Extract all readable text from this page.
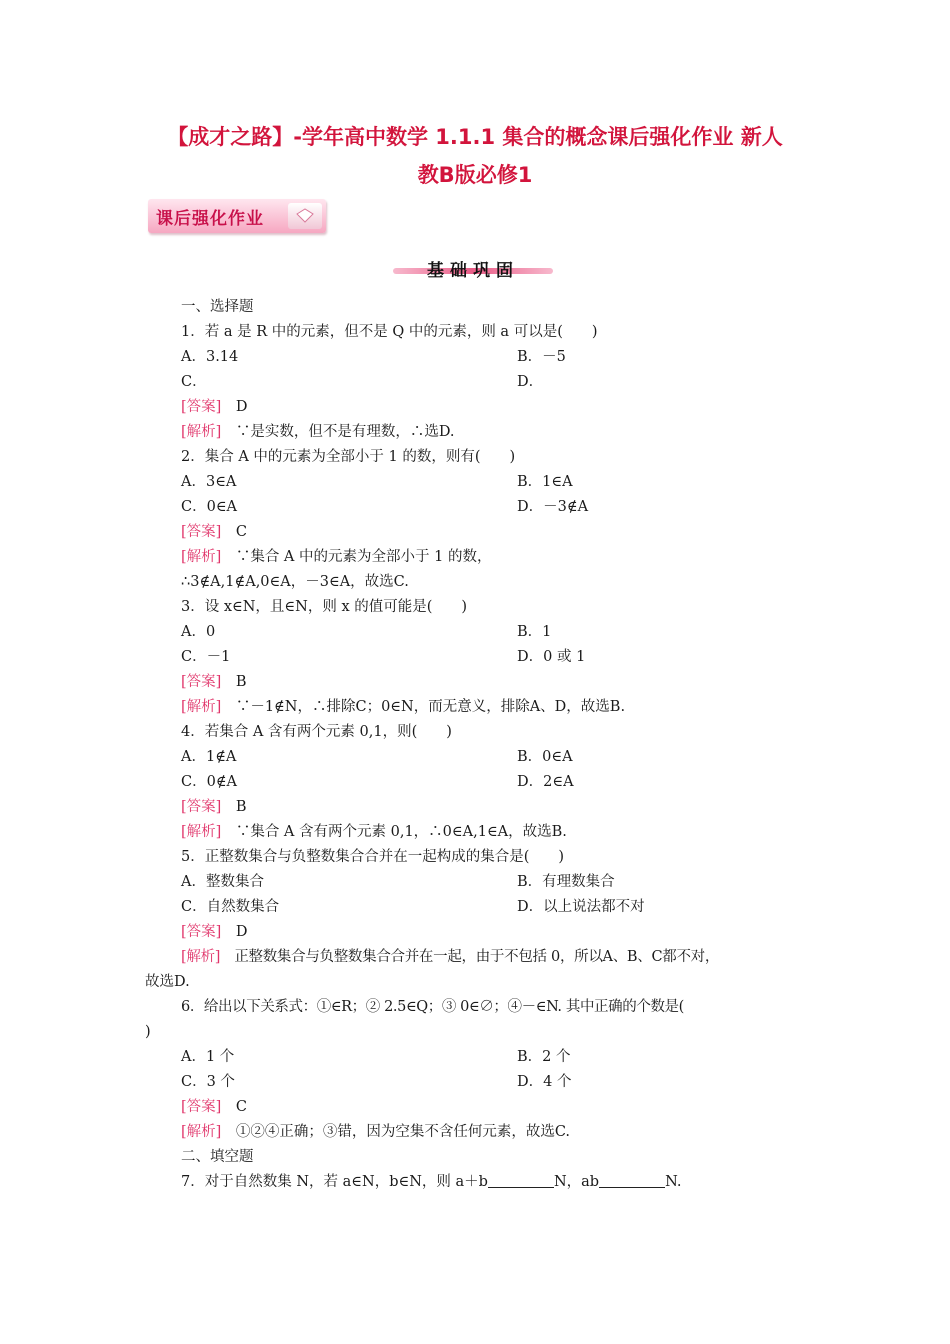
【成才之路】-学年高中数学 1.1.1 集合的概念课后强化作业 新人
教B版必修1
课后强化作业
基础巩固
一、选择题
1．若 a 是 R 中的元素，但不是 Q 中的元素，则 a 可以是(　　)
A．3.14	B．－5
C．	D．
[答案]　D
[解析]　∵是实数，但不是有理数，∴选D.
2．集合 A 中的元素为全部小于 1 的数，则有(　　)
A．3∈A	B．1∈A
C．0∈A	D．－3∉A
[答案]　C
[解析]　∵集合 A 中的元素为全部小于 1 的数，
∴3∉A,1∉A,0∈A，－3∈A，故选C.
3．设 x∈N，且∈N，则 x 的值可能是(　　)
A．0	B．1
C．－1	D．0 或 1
[答案]　B
[解析]　∵－1∉N，∴排除C；0∈N，而无意义，排除A、D，故选B.
4．若集合 A 含有两个元素 0,1，则(　　)
A．1∉A	B．0∈A
C．0∉A	D．2∈A
[答案]　B
[解析]　∵集合 A 含有两个元素 0,1，∴0∈A,1∈A，故选B.
5．正整数集合与负整数集合合并在一起构成的集合是(　　)
A．整数集合	B．有理数集合
C．自然数集合	D．以上说法都不对
[答案]　D
[解析]　正整数集合与负整数集合合并在一起，由于不包括 0，所以A、B、C都不对，
故选D.
6．给出以下关系式：①∈R；② 2.5∈Q；③ 0∈∅；④－∈N. 其中正确的个数是(
)
A．1 个	B．2 个
C．3 个	D．4 个
[答案]　C
[解析]　①②④正确；③错，因为空集不含任何元素，故选C.
二、填空题
7．对于自然数集 N，若 a∈N，b∈N，则 a＋b	N，ab	N.
